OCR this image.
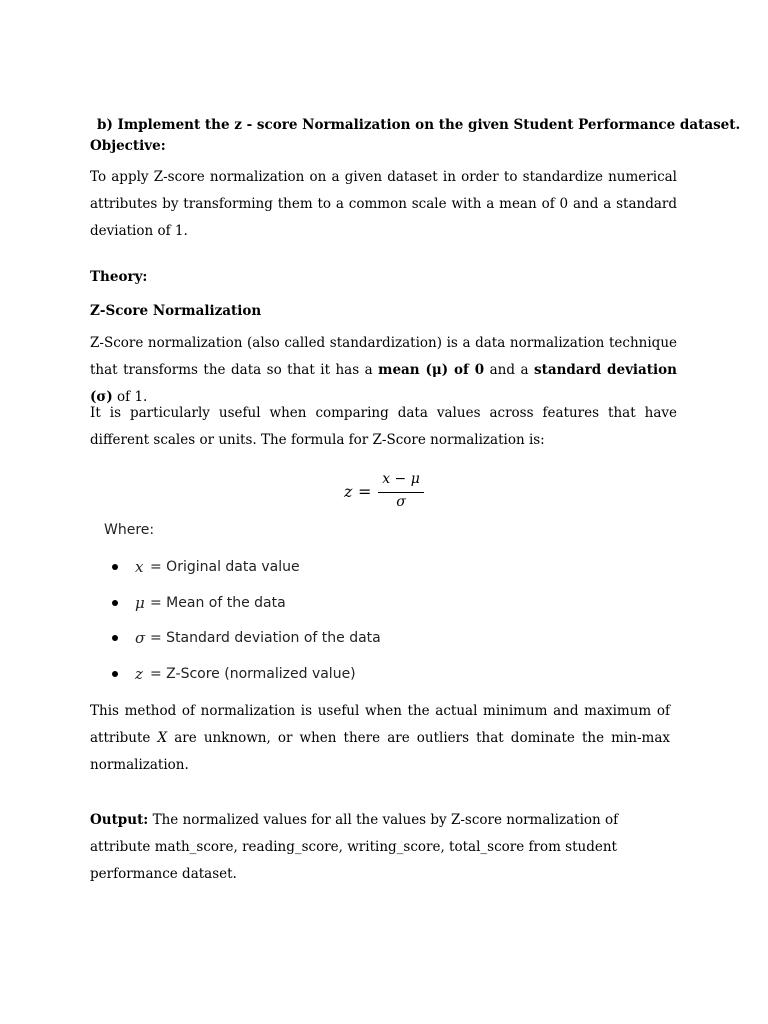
b) Implement the z - score Normalization on the given Student Performance dataset.
Objective:
To apply Z-score normalization on a given dataset in order to standardize numerical attributes by transforming them to a common scale with a mean of 0 and a standard deviation of 1.
Theory:
Z-Score Normalization
Z-Score normalization (also called standardization) is a data normalization technique that transforms the data so that it has a mean (μ) of 0 and a standard deviation (σ) of 1.
It is particularly useful when comparing data values across features that have different scales or units. The formula for Z-Score normalization is:
z =
x − μ
σ
Where:
x = Original data value
μ = Mean of the data
σ = Standard deviation of the data
z = Z-Score (normalized value)
This method of normalization is useful when the actual minimum and maximum of attribute X are unknown, or when there are outliers that dominate the min-max normalization.
Output: The normalized values for all the values by Z-score normalization of attribute math_score, reading_score, writing_score, total_score from student performance dataset.
